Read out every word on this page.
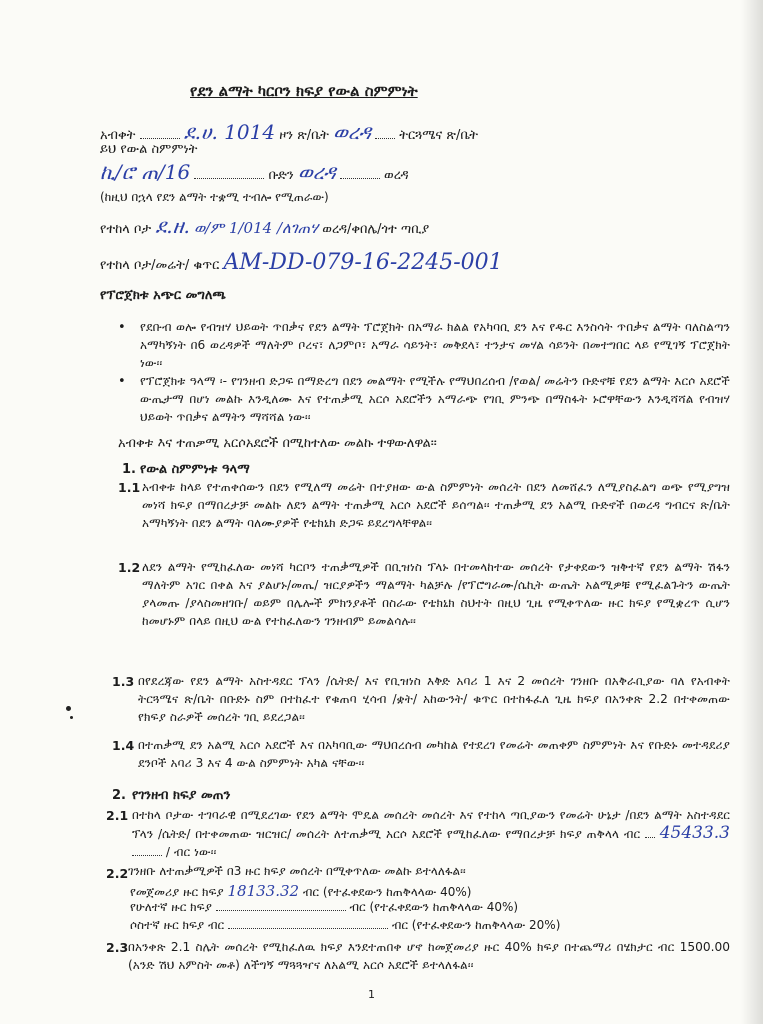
የደን ልማት ካርቦን ክፍያ የውል ስምምነት
አብቀት ደ.ሀ. 1014 ዞን ጽ/ቤት ወረዳ ትርጓሜና ጽ/ቤት
ይህ የውል ስምምነት
ኪ/ሮ ጠ/16	ቡድን ወረዳ	ወረዳ
(ከዚህ በኋላ የደን ልማት ተቋሚ ተብሎ የሚጠራው)
የተከላ ቦታ ደ.ዘ. ወ/ም 1/014 /ለገጠሃ ወረዳ/ቀበሌ/ጎተ ጣቢያ
የተከላ ቦታ/መሬት/ ቁጥር AM-DD-079-16-2245-001
የፕሮጀክቱ አጭር መግለጫ
• የደቡብ ወሎ የብዝሃ ህይወት ጥበቃና የደን ልማት ፕሮጀክት በአማራ ክልል የአካባቢ ደን እና የዱር እንስሳት ጥበቃና ልማት ባለስልጣን አማካኝነት በ6 ወረዳዎች ማለትም ቦረና፣ ለጋምቦ፣ አማራ ሳይንት፣ መቅደላ፣ ተንታና መሃል ሳይንት በመተግበር ላይ የሚገኝ ፕሮጀክት ነው፡፡
• የፕሮጀክቱ ዓላማ ፡- የገንዘብ ድጋፍ በማድረግ በደን መልማት የሚችሉ የማህበረሰብ /የወል/ መሬትን ቡድኖቹ የደን ልማት እርሶ አደሮች ውጤታማ በሆነ መልኩ እንዲለሙ እና የተጠቃሚ አርሶ አደሮችን አማራጭ የገቢ ምንጭ በማስፋት ኑሮዋቸውን እንዲሻሻል የብዝሃ ህይወት ጥበቃና ልማትን ማሻሻል ነው፡፡
አብቀቱ እና ተጠቃሚ አርሶአደሮች በሚከተለው መልኩ ተዋውለዋል፡፡
1. የውል ስምምነቱ ዓላማ
1.1 አብቀቱ ከላይ የተጠቀሰውን በደን የሚለማ መሬት በተያዘው ውል ስምምነት መሰረት በደን ለመሸፈን ለሚያስፈልግ ወጭ የሚያግዝ መነሻ ክፍያ በማበረታቻ መልኩ ለደን ልማት ተጠቃሚ አርሶ አደሮች ይሰጣል፡፡ ተጠቃሚ ደን አልሚ ቡድኖች በወረዳ ግብርና ጽ/ቤት አማካኝነት በደን ልማት ባለሙያዎች የቴክኒክ ድጋፍ ይደረግላቸዋል፡፡
1.2 ለደን ልማት የሚከፈለው መነሻ ካርቦን ተጠቃሚዎች በቢዝነስ ፕላኑ በተመላከተው መሰረት የታቀደውን ዝቅተኛ የደን ልማት ሽፋን ማለትም አገር በቀል እና ያልሆኑ/መጤ/ ዝርያዎችን ማልማት ካልቻሉ /የፕሮግራሙ/ሴኪት ውጤት አልሚዎቹ የሚፈልጉትን ውጤት ያላመጡ /ያላስመዘገቡ/ ወይም በሌሎች ምክንያቶች በስራው የቴክኒክ ስህተት በዚህ ጊዜ የሚቀጥለው ዙር ክፍያ የሚቋረጥ ሲሆን ከመሆኑም በላይ በዚህ ውል የተከፈለውን ገንዘብም ይመልሳሉ፡፡
1.3 በየደረጃው የደን ልማት አስተዳደር ፕላን /ሴትድ/ እና የቢዝነስ እቅድ አባሪ 1 እና 2 መሰረት ገንዘቡ በአቅራቢያው ባለ የአብቀት ትርጓሜና ጽ/ቤት በቡድኑ ስም በተከፈተ የቁጠባ ሂሳብ /ቋት/ አከውንት/ ቁጥር በተከፋፈለ ጊዜ ክፍያ በአንቀጽ 2.2 በተቀመጠው የክፍያ ስራዎች መሰረት ገቢ ይደረጋል፡፡
1.4 በተጠቃሚ ደን አልሚ አርሶ አደሮች እና በአካባቢው ማህበረሰብ መካከል የተደረገ የመሬት መጠቀም ስምምነት እና የቡድኑ መተዳደሪያ ደንቦች አባሪ 3 እና 4 ውል ስምምነት አካል ናቸው፡፡
2. የገንዘብ ክፍያ መጠን
2.1 በተከላ ቦታው ተገባራዊ በሚደረገው የደን ልማት ሞዴል መሰረት መሰረት እና የተከላ ጣቢያውን የመሬት ሁኔታ /በደን ልማት አስተዳደር ፕላን /ሴትድ/ በተቀመጠው ዝርዝር/ መሰረት ለተጠቃሚ አርሶ አደሮች የሚከፈለው የማበረታቻ ክፍያ ጠቅላላ ብር 45433.3  / ብር ነው፡፡
2.2 ገንዘቡ ለተጠቃሚዎች በ3 ዙር ክፍያ መሰረት በሚቀጥለው መልኩ ይተላለፋል፡፡
የመጀመሪያ ዙር ክፍያ 18133.32 ብር (የተፈቀደውን ከጠቅላላው 40%)
የሁለተኛ ዙር ክፍያ	ብር (የተፈቀደውን ከጠቅላላው 40%)
ሶስተኛ ዙር ክፍያ ብር	ብር (የተፈቀደውን ከጠቅላላው 20%)
2.3 በአንቀጽ 2.1 ስሌት መሰረት የሚከፈለዉ ክፍያ እንደተጠበቀ ሆኖ ከመጀመሪያ ዙር 40% ክፍያ በተጨማሪ በሄክታር ብር 1500.00 (አንድ ሽህ አምስት መቶ) ለችግኝ ማጓጓዣና ለአልሚ አርሶ አደሮች ይተላለፋል፡፡
1
